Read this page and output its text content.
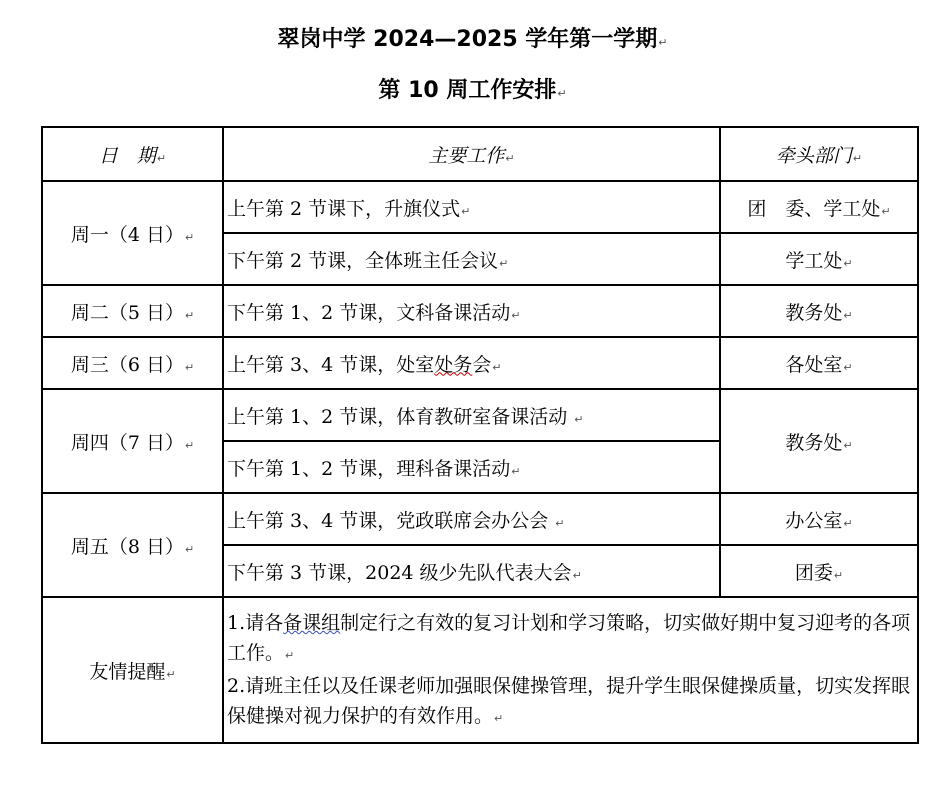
翠岗中学 2024—2025 学年第一学期↵
第 10 周工作安排↵
日　期↵	主要工作↵	牵头部门↵
周一（4 日）↵	上午第 2 节课下，升旗仪式↵	团　委、学工处↵
	下午第 2 节课，全体班主任会议↵	学工处↵
周二（5 日）↵	下午第 1、2 节课，文科备课活动↵	教务处↵
周三（6 日）↵	上午第 3、4 节课，处室处务会↵	各处室↵
周四（7 日）↵	上午第 1、2 节课，体育教研室备课活动 ↵	教务处↵
	下午第 1、2 节课，理科备课活动↵	
周五（8 日）↵	上午第 3、4 节课，党政联席会办公会 ↵	办公室↵
	下午第 3 节课，2024 级少先队代表大会↵	团委↵
友情提醒↵	1.请各备课组制定行之有效的复习计划和学习策略，切实做好期中复习迎考的各项工作。↵
2.请班主任以及任课老师加强眼保健操管理，提升学生眼保健操质量，切实发挥眼保健操对视力保护的有效作用。↵	
